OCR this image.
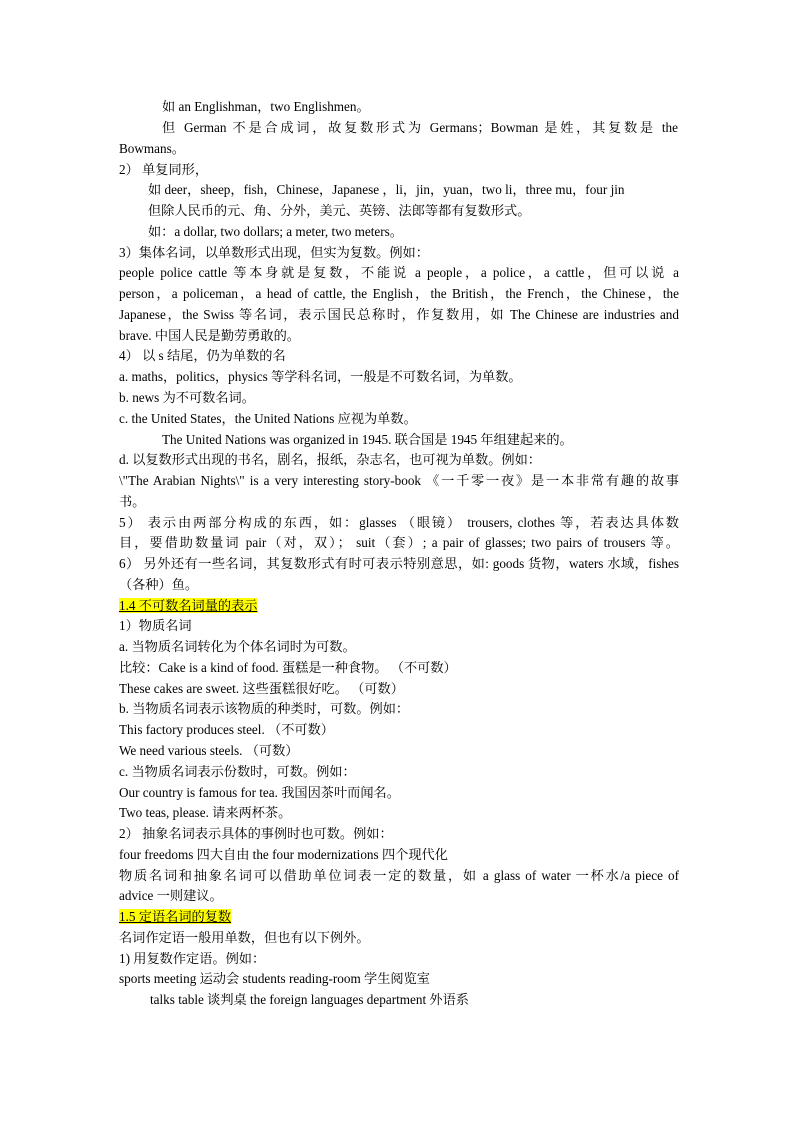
如 an Englishman，two Englishmen。
但 German 不是合成词，故复数形式为 Germans；Bowman 是姓，其复数是 the
Bowmans。
2） 单复同形，
如 deer，sheep，fish，Chinese，Japanese ，li，jin，yuan，two li，three mu，four jin
但除人民币的元、角、分外，美元、英镑、法郎等都有复数形式。
如：a dollar, two dollars; a meter, two meters。
3）集体名词，以单数形式出现，但实为复数。例如：
people police cattle 等本身就是复数，不能说 a people，a police，a cattle，但可以说 a
person，a policeman，a head of cattle, the English，the British，the French，the Chinese，the
Japanese，the Swiss 等名词，表示国民总称时，作复数用，如 The Chinese are industries and
brave. 中国人民是勤劳勇敢的。
4） 以 s 结尾，仍为单数的名
a. maths，politics，physics 等学科名词，一般是不可数名词，为单数。
b. news 为不可数名词。
c. the United States，the United Nations 应视为单数。
The United Nations was organized in 1945. 联合国是 1945 年组建起来的。
d. 以复数形式出现的书名，剧名，报纸，杂志名，也可视为单数。例如：
\"The Arabian Nights\" is a very interesting story-book 《一千零一夜》是一本非常有趣的故事
书。
5） 表示由两部分构成的东西，如：glasses （眼镜） trousers, clothes 等，若表达具体数
目，要借助数量词 pair（对，双）； suit（套）; a pair of glasses; two pairs of trousers 等。
6） 另外还有一些名词，其复数形式有时可表示特别意思，如: goods 货物，waters 水域，fishes
（各种）鱼。
1.4 不可数名词量的表示
1）物质名词
a. 当物质名词转化为个体名词时为可数。
比较：Cake is a kind of food. 蛋糕是一种食物。 （不可数）
These cakes are sweet. 这些蛋糕很好吃。 （可数）
b. 当物质名词表示该物质的种类时，可数。例如：
This factory produces steel. （不可数）
We need various steels. （可数）
c. 当物质名词表示份数时，可数。例如：
Our country is famous for tea. 我国因茶叶而闻名。
Two teas, please. 请来两杯茶。
2） 抽象名词表示具体的事例时也可数。例如：
four freedoms 四大自由 the four modernizations 四个现代化
物质名词和抽象名词可以借助单位词表一定的数量，如 a glass of water 一杯水/a piece of
advice 一则建议。
1.5 定语名词的复数
名词作定语一般用单数，但也有以下例外。
1) 用复数作定语。例如：
sports meeting 运动会 students reading-room 学生阅览室
talks table 谈判桌 the foreign languages department 外语系
